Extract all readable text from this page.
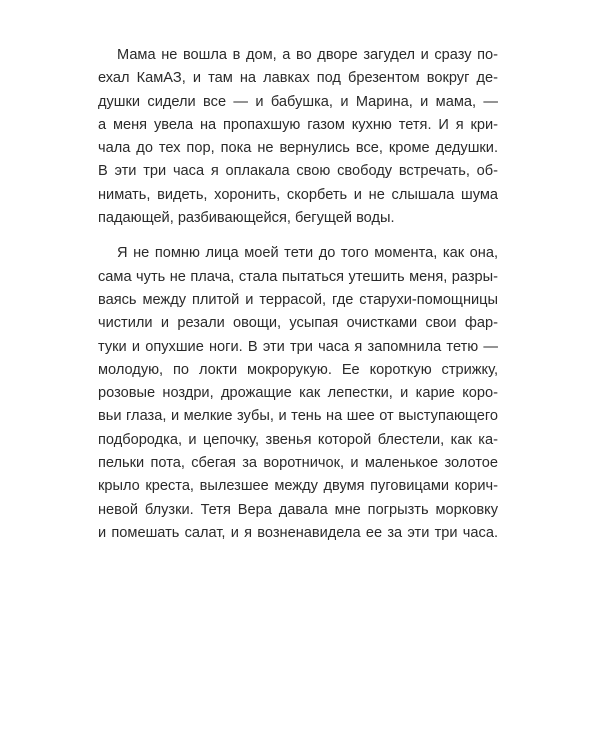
Мама не вошла в дом, а во дворе загудел и сразу по-
ехал КамАЗ, и там на лавках под брезентом вокруг де-
душки сидели все — и бабушка, и Марина, и мама, —
а меня увела на пропахшую газом кухню тетя. И я кри-
чала до тех пор, пока не вернулись все, кроме дедушки.
В эти три часа я оплакала свою свободу встречать, об-
нимать, видеть, хоронить, скорбеть и не слышала шума
падающей, разбивающейся, бегущей воды.

Я не помню лица моей тети до того момента, как она,
сама чуть не плача, стала пытаться утешить меня, разры-
ваясь между плитой и террасой, где старухи-помощницы
чистили и резали овощи, усыпая очистками свои фар-
туки и опухшие ноги. В эти три часа я запомнила тетю —
молодую, по локти мокрорукую. Ее короткую стрижку,
розовые ноздри, дрожащие как лепестки, и карие коро-
вьи глаза, и мелкие зубы, и тень на шее от выступающего
подбородка, и цепочку, звенья которой блестели, как ка-
пельки пота, сбегая за воротничок, и маленькое золотое
крыло креста, вылезшее между двумя пуговицами корич-
невой блузки. Тетя Вера давала мне погрызть морковку
и помешать салат, и я возненавидела ее за эти три часа.
